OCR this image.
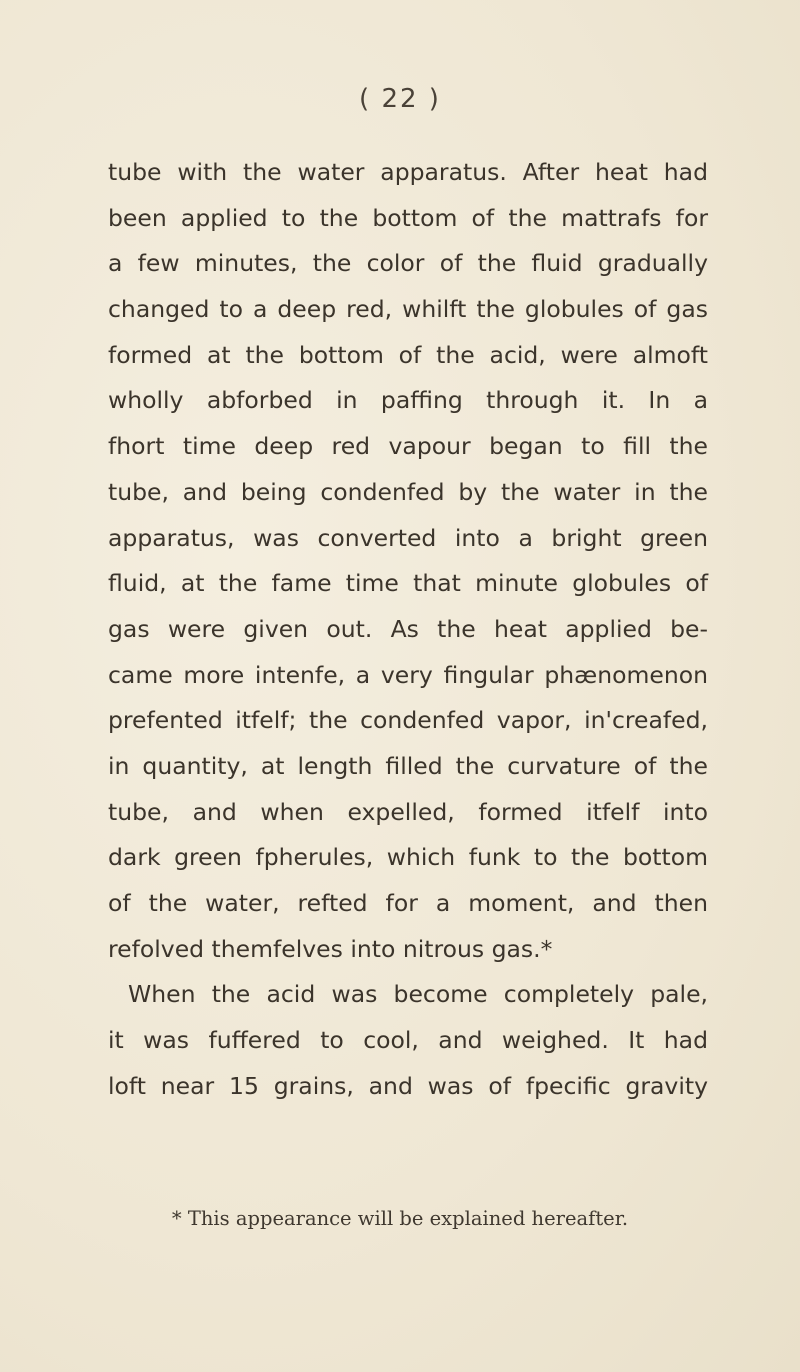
( 22 )
tube with the water apparatus. After heat had
been applied to the bottom of the mattrafs for
a few minutes, the color of the fluid gradually
changed to a deep red, whilft the globules of gas
formed at the bottom of the acid, were almoft
wholly abforbed in paffing through it. In a
fhort time deep red vapour began to fill the
tube, and being condenfed by the water in the
apparatus, was converted into a bright green
fluid, at the fame time that minute globules of
gas were given out. As the heat applied be-
came more intenfe, a very fingular phænomenon
prefented itfelf; the condenfed vapor, in'creafed,
in quantity, at length filled the curvature of the
tube, and when expelled, formed itfelf into
dark green fpherules, which funk to the bottom
of the water, refted for a moment, and then
refolved themfelves into nitrous gas.*
When the acid was become completely pale,
it was fuffered to cool, and weighed. It had
loft near 15 grains, and was of fpecific gravity
* This appearance will be explained hereafter.
